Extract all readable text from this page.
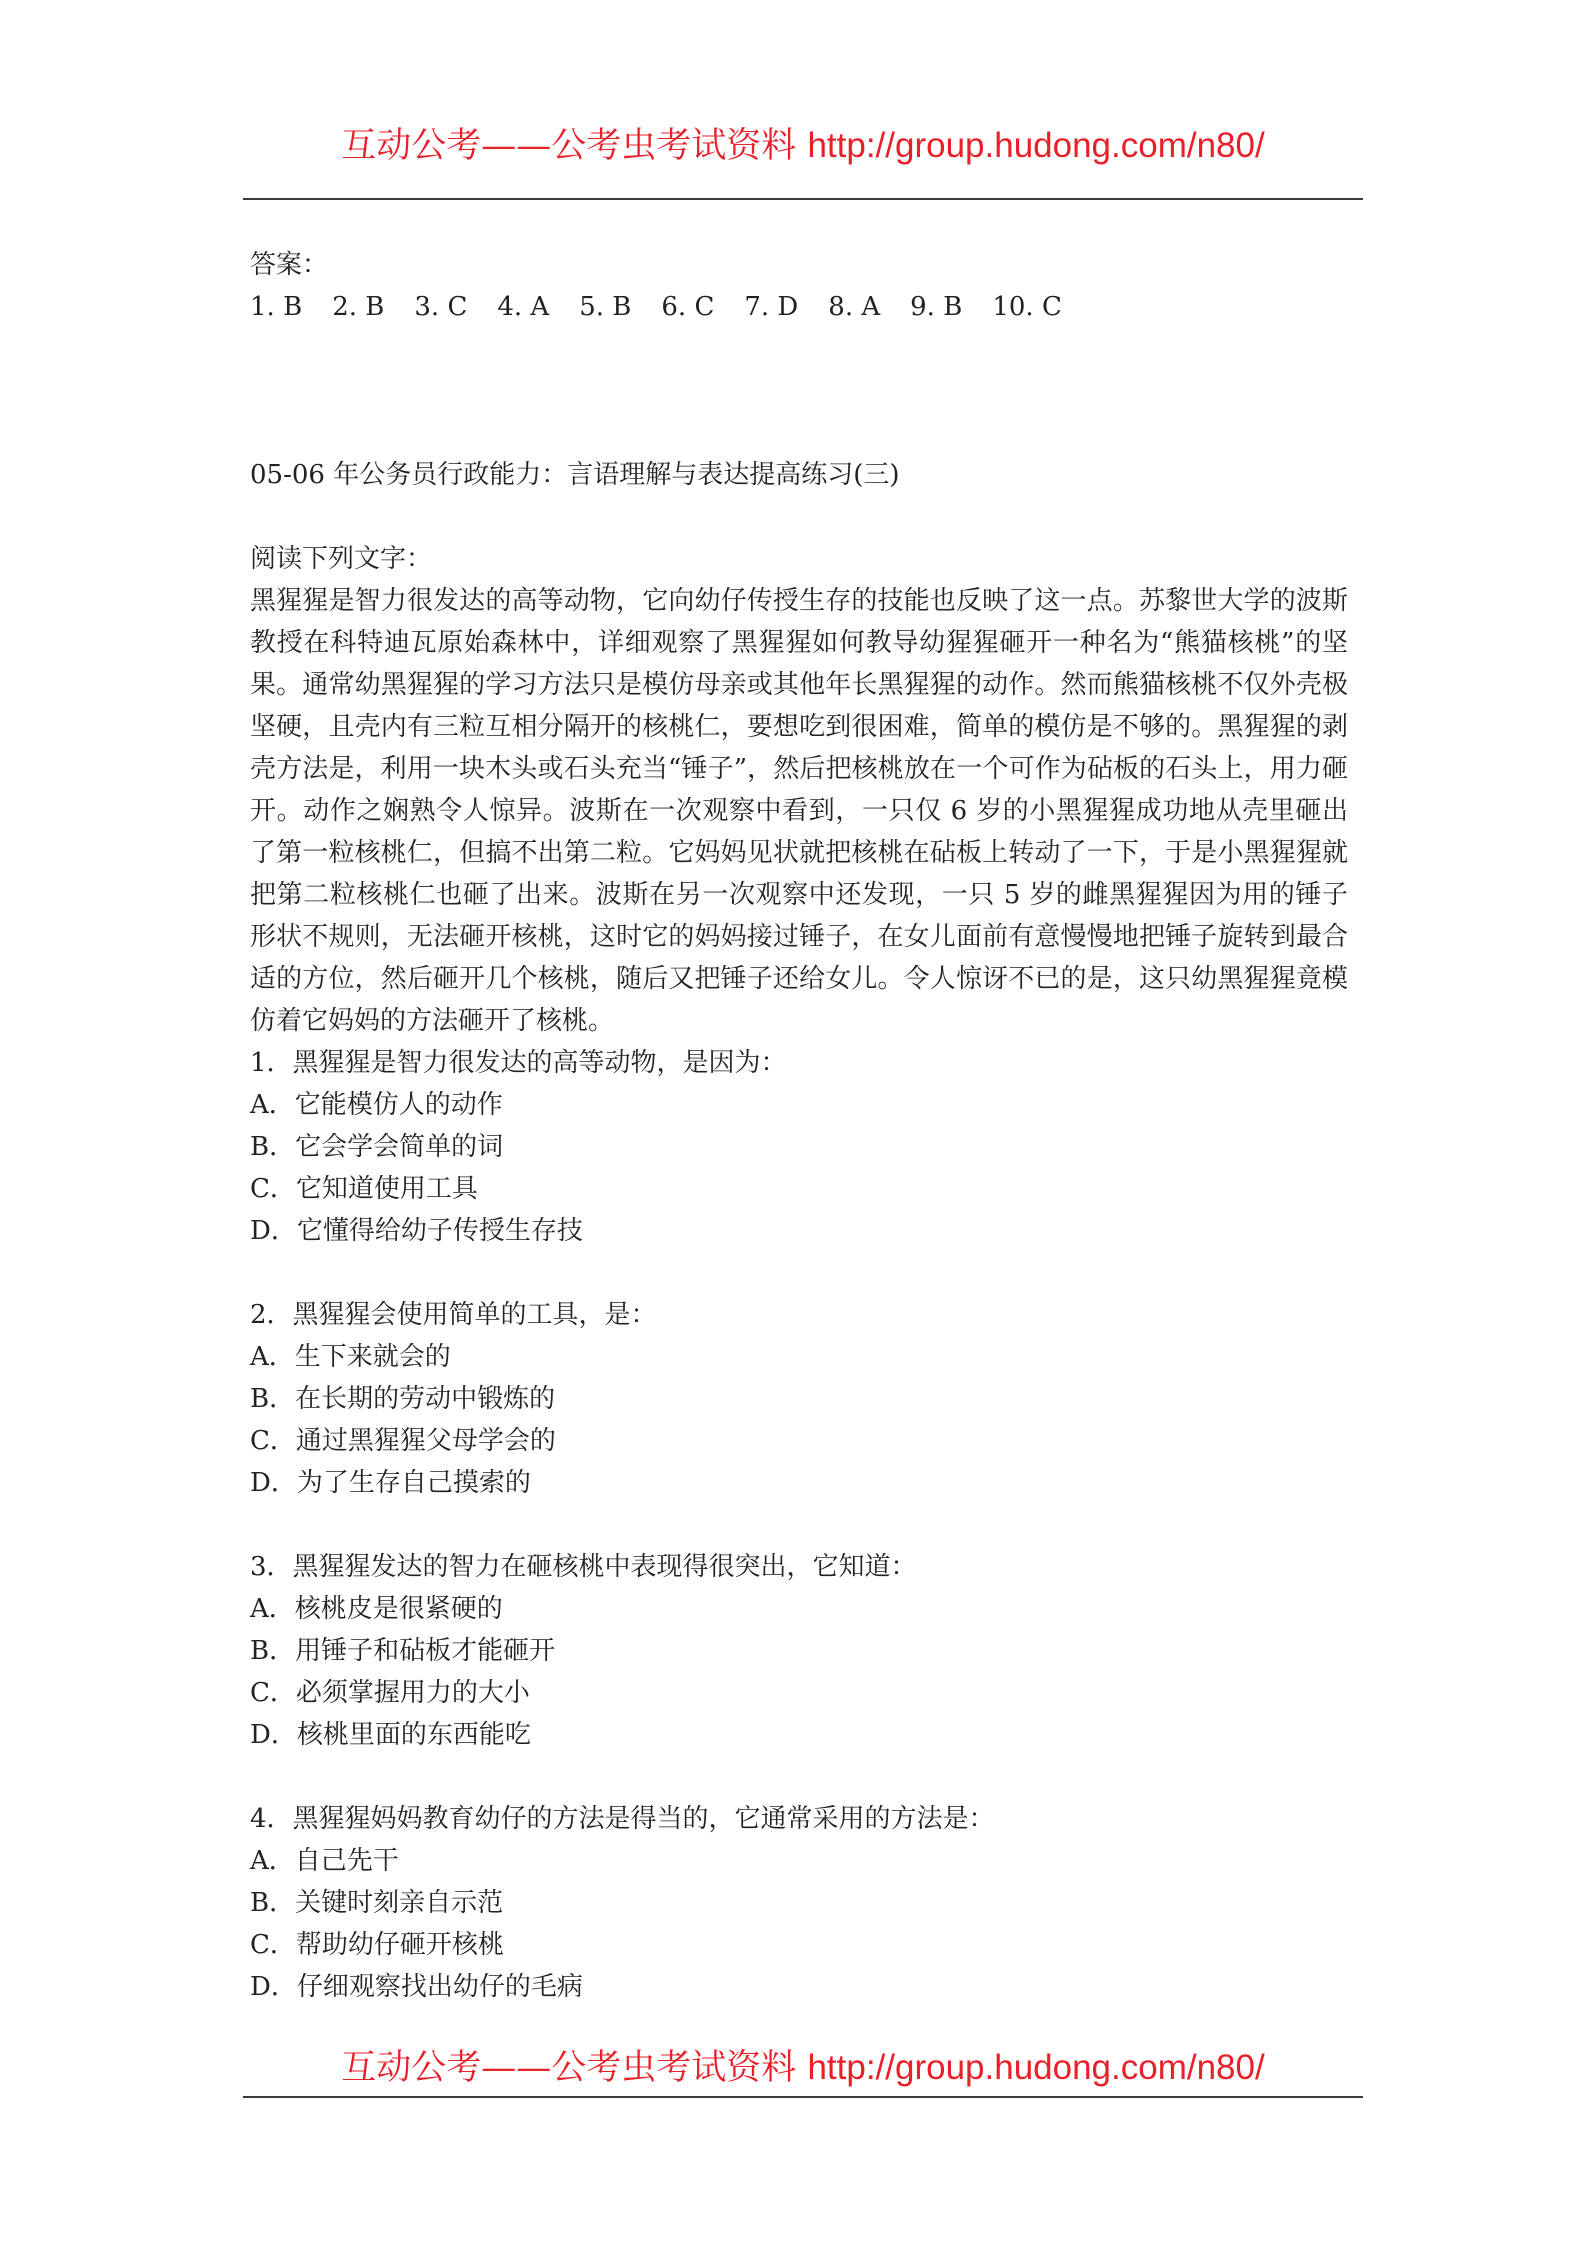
互动公考——公考虫考试资料 http://group.hudong.com/n80/

答案：

1. B 2. B 3. C 4. A 5. B 6. C 7. D 8. A 9. B 10. C

05-06 年公务员行政能力：言语理解与表达提高练习(三)

阅读下列文字：

黑猩猩是智力很发达的高等动物，它向幼仔传授生存的技能也反映了这一点。苏黎世大学的波斯教授在科特迪瓦原始森林中，详细观察了黑猩猩如何教导幼猩猩砸开一种名为“熊猫核桃”的坚果。通常幼黑猩猩的学习方法只是模仿母亲或其他年长黑猩猩的动作。然而熊猫核桃不仅外壳极坚硬，且壳内有三粒互相分隔开的核桃仁，要想吃到很困难，简单的模仿是不够的。黑猩猩的剥壳方法是，利用一块木头或石头充当“锤子”，然后把核桃放在一个可作为砧板的石头上，用力砸开。动作之娴熟令人惊异。波斯在一次观察中看到，一只仅 6 岁的小黑猩猩成功地从壳里砸出了第一粒核桃仁，但搞不出第二粒。它妈妈见状就把核桃在砧板上转动了一下，于是小黑猩猩就把第二粒核桃仁也砸了出来。波斯在另一次观察中还发现，一只 5 岁的雌黑猩猩因为用的锤子形状不规则，无法砸开核桃，这时它的妈妈接过锤子，在女儿面前有意慢慢地把锤子旋转到最合适的方位，然后砸开几个核桃，随后又把锤子还给女儿。令人惊讶不已的是，这只幼黑猩猩竟模仿着它妈妈的方法砸开了核桃。

1．黑猩猩是智力很发达的高等动物，是因为：

A．它能模仿人的动作

B．它会学会简单的词

C．它知道使用工具

D．它懂得给幼子传授生存技

2．黑猩猩会使用简单的工具，是：

A．生下来就会的

B．在长期的劳动中锻炼的

C．通过黑猩猩父母学会的

D．为了生存自己摸索的

3．黑猩猩发达的智力在砸核桃中表现得很突出，它知道：

A．核桃皮是很紧硬的

B．用锤子和砧板才能砸开

C．必须掌握用力的大小

D．核桃里面的东西能吃

4．黑猩猩妈妈教育幼仔的方法是得当的，它通常采用的方法是：

A．自己先干

B．关键时刻亲自示范

C．帮助幼仔砸开核桃

D．仔细观察找出幼仔的毛病

互动公考——公考虫考试资料 http://group.hudong.com/n80/
